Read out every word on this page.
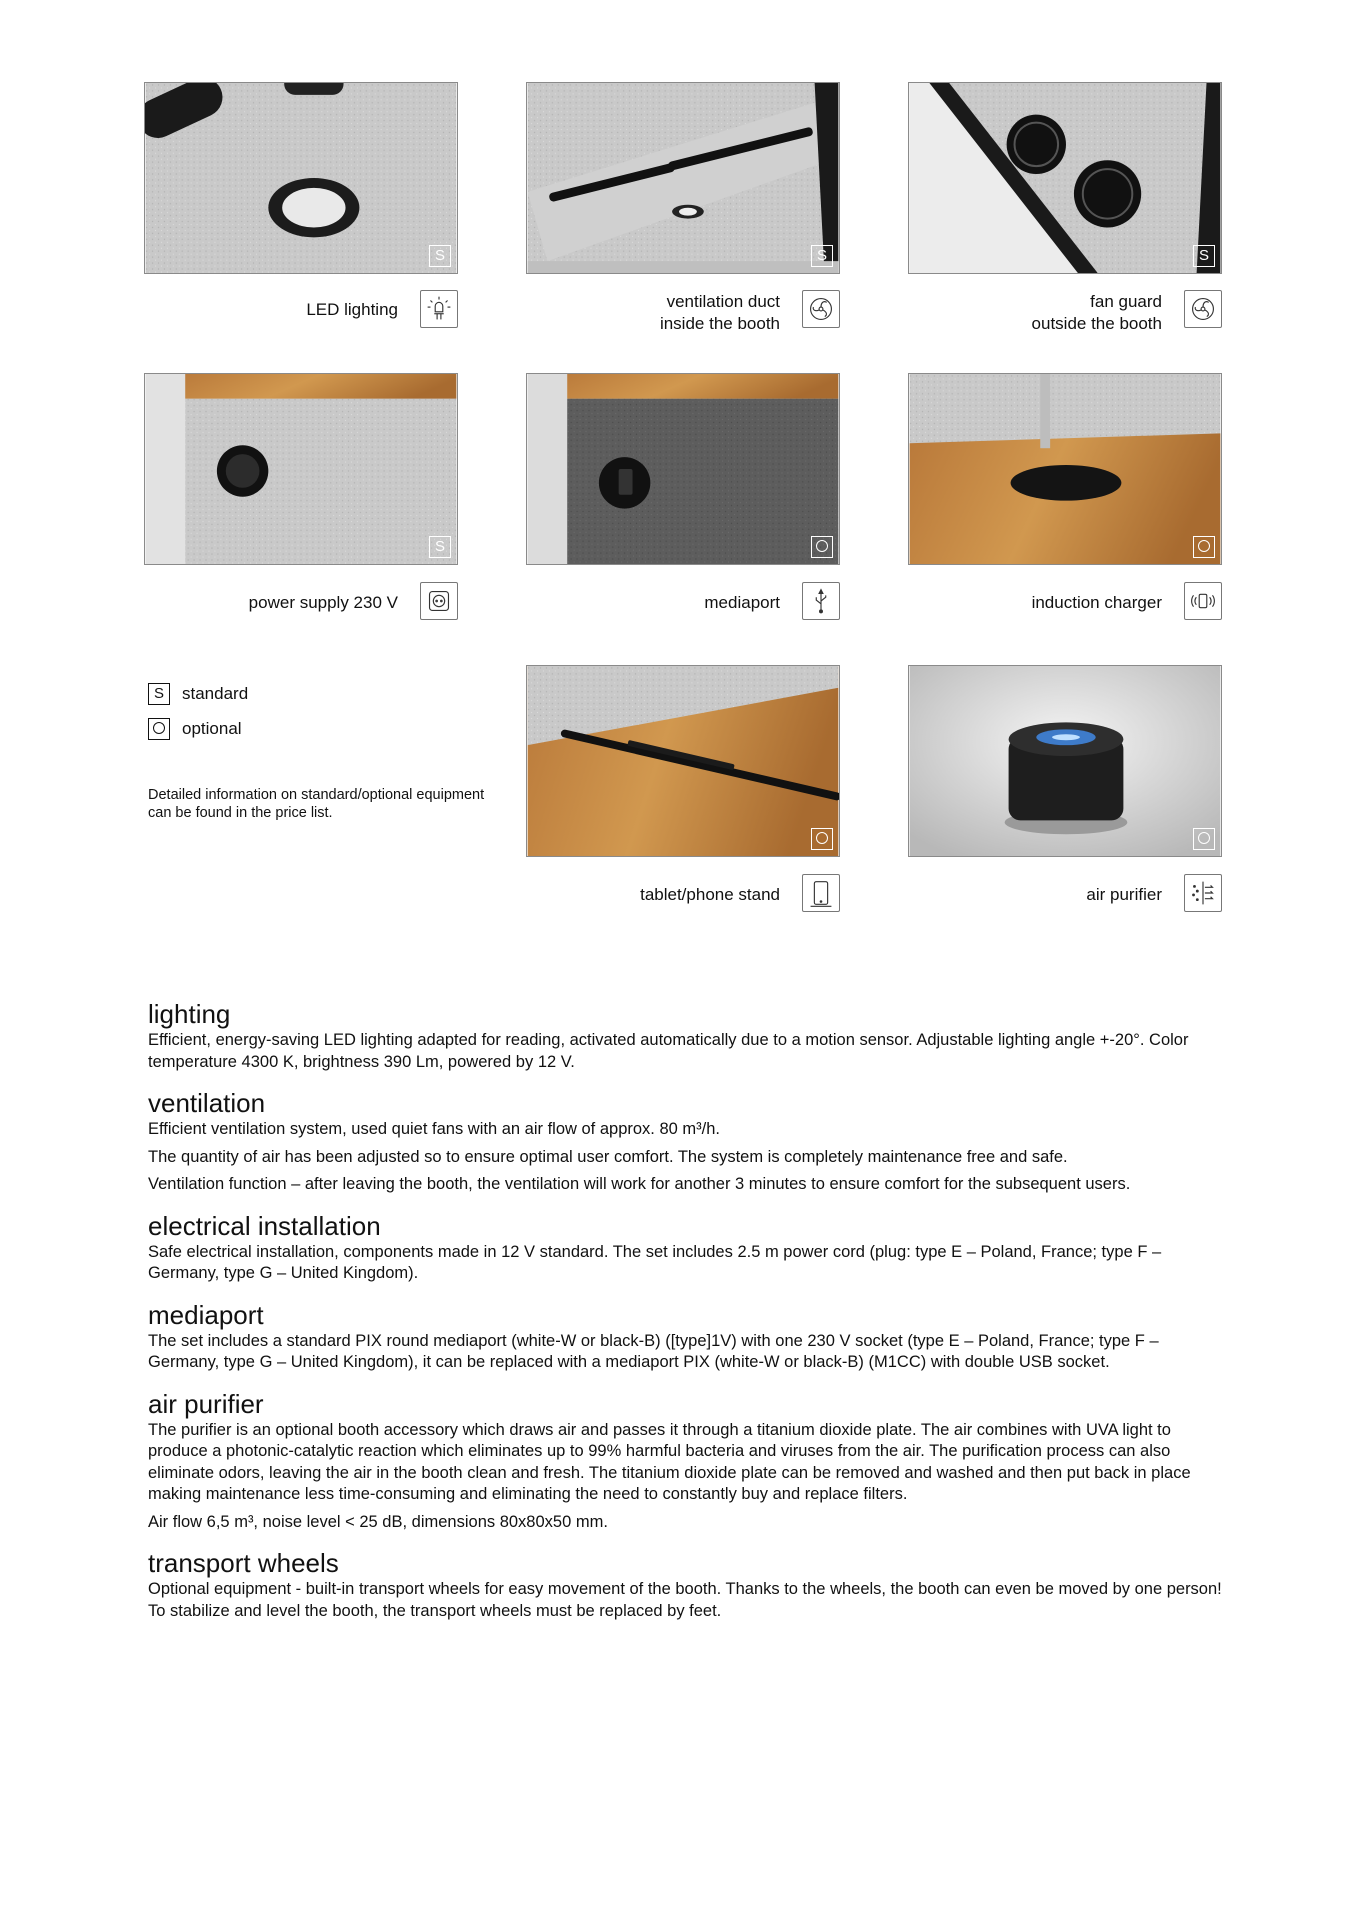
S
LED lighting
S
ventilation duct
inside the booth
S
fan guard
outside the booth
S
power supply 230 V	mediaport	induction charger
S	standard
optional
Detailed information on standard/optional equipment can be found in the price list.
tablet/phone stand	air purifier
lighting

Efficient, energy-saving LED lighting adapted for reading, activated automatically due to a motion sensor. Adjustable lighting angle +-20°. Color temperature 4300 K, brightness 390 Lm, powered by 12 V.

ventilation

Efficient ventilation system, used quiet fans with an air flow of approx. 80 m³/h.

The quantity of air has been adjusted so to ensure optimal user comfort. The system is completely maintenance free and safe.

Ventilation function – after leaving the booth, the ventilation will work for another 3 minutes to ensure comfort for the subsequent users.

electrical installation

Safe electrical installation, components made in 12 V standard. The set includes 2.5 m power cord (plug: type E – Poland, France; type F – Germany, type G – United Kingdom).

mediaport

The set includes a standard PIX round mediaport (white-W or black-B) ([type]1V) with one 230 V socket (type E – Poland, France; type F – Germany, type G – United Kingdom), it can be replaced with a mediaport PIX (white-W or black-B) (M1CC) with double USB socket.

air purifier

The purifier is an optional booth accessory which draws air and passes it through a titanium dioxide plate. The air combines with UVA light to produce a photonic-catalytic reaction which eliminates up to 99% harmful bacteria and viruses from the air. The purification process can also eliminate odors, leaving the air in the booth clean and fresh. The titanium dioxide plate can be removed and washed and then put back in place making maintenance less time-consuming and eliminating the need to constantly buy and replace filters.

Air flow 6,5 m³, noise level < 25 dB, dimensions 80x80x50 mm.

transport wheels

Optional equipment - built-in transport wheels for easy movement of the booth. Thanks to the wheels, the booth can even be moved by one person! To stabilize and level the booth, the transport wheels must be replaced by feet.
